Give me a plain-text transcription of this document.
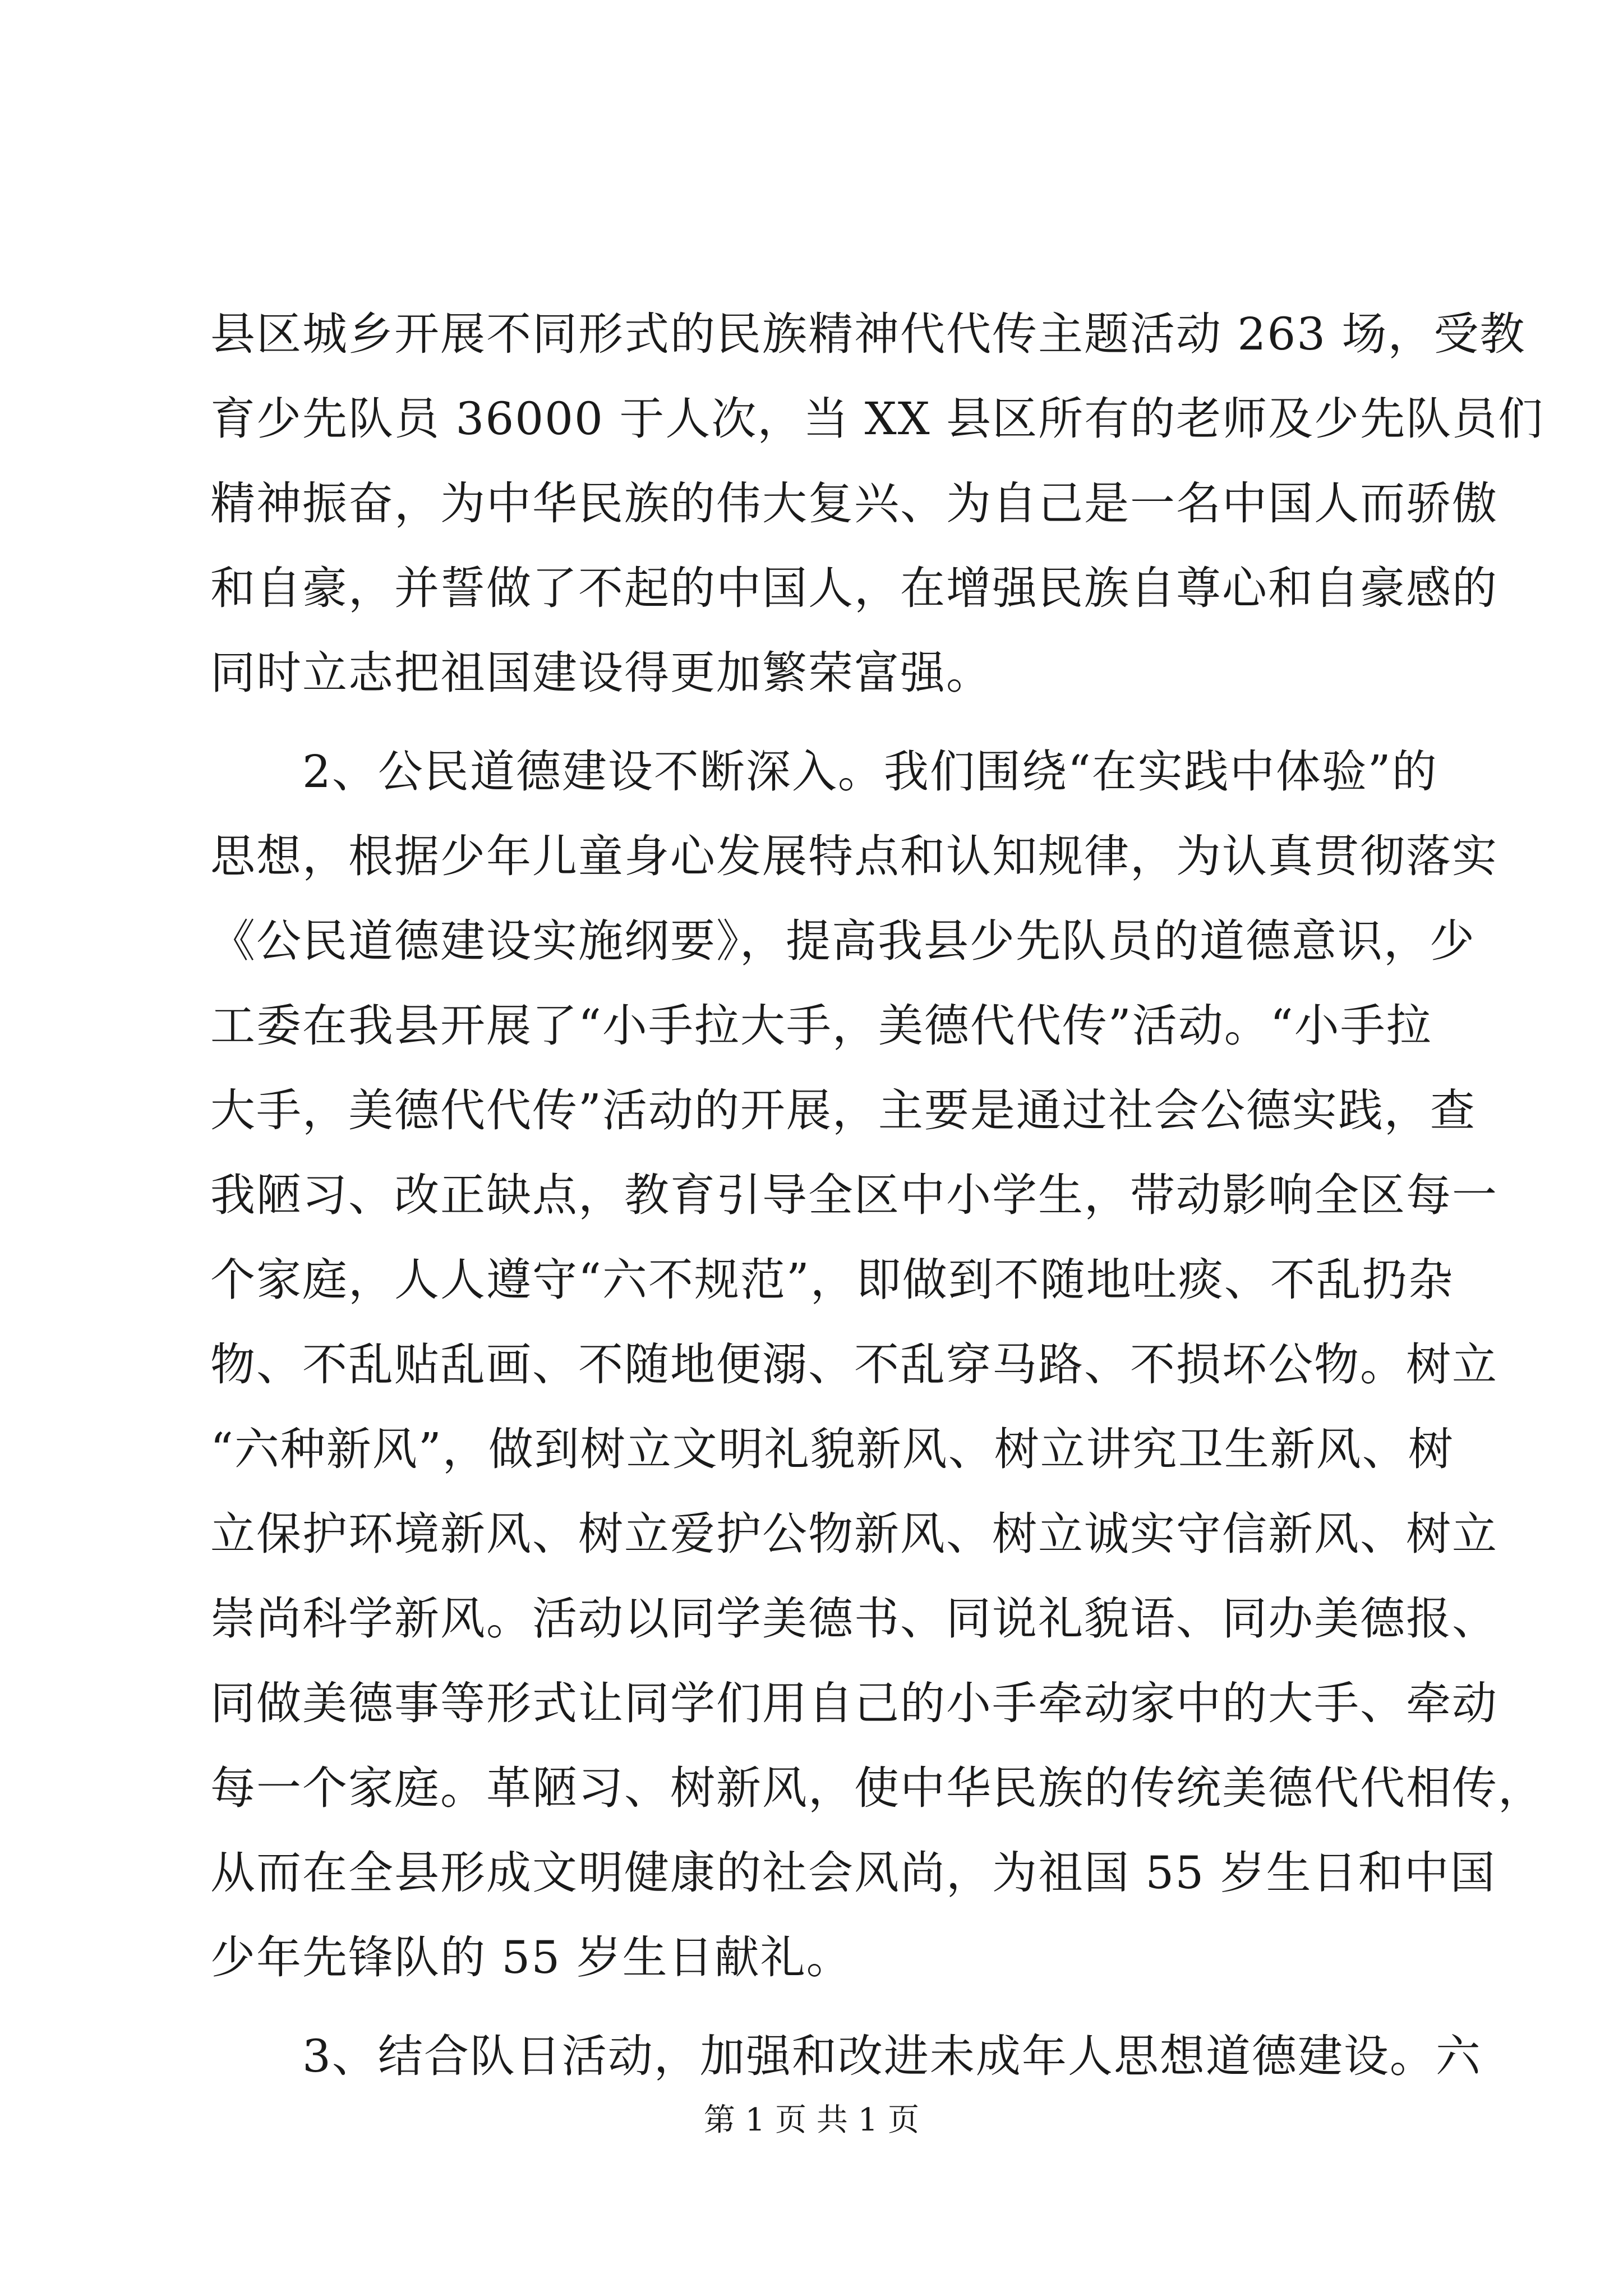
县区城乡开展不同形式的民族精神代代传主题活动 263 场，受教
育少先队员 36000 于人次，当 XX 县区所有的老师及少先队员们
精神振奋，为中华民族的伟大复兴、为自己是一名中国人而骄傲
和自豪，并誓做了不起的中国人，在增强民族自尊心和自豪感的
同时立志把祖国建设得更加繁荣富强。
　　2、公民道德建设不断深入。我们围绕“在实践中体验”的
思想，根据少年儿童身心发展特点和认知规律，为认真贯彻落实
《公民道德建设实施纲要》，提高我县少先队员的道德意识，少
工委在我县开展了“小手拉大手，美德代代传”活动。“小手拉
大手，美德代代传”活动的开展，主要是通过社会公德实践，查
我陋习、改正缺点，教育引导全区中小学生，带动影响全区每一
个家庭，人人遵守“六不规范”，即做到不随地吐痰、不乱扔杂
物、不乱贴乱画、不随地便溺、不乱穿马路、不损坏公物。树立
“六种新风”，做到树立文明礼貌新风、树立讲究卫生新风、树
立保护环境新风、树立爱护公物新风、树立诚实守信新风、树立
崇尚科学新风。活动以同学美德书、同说礼貌语、同办美德报、
同做美德事等形式让同学们用自己的小手牵动家中的大手、牵动
每一个家庭。革陋习、树新风，使中华民族的传统美德代代相传，
从而在全县形成文明健康的社会风尚，为祖国 55 岁生日和中国
少年先锋队的 55 岁生日献礼。
　　3、结合队日活动，加强和改进未成年人思想道德建设。六
第 1 页 共 1 页
